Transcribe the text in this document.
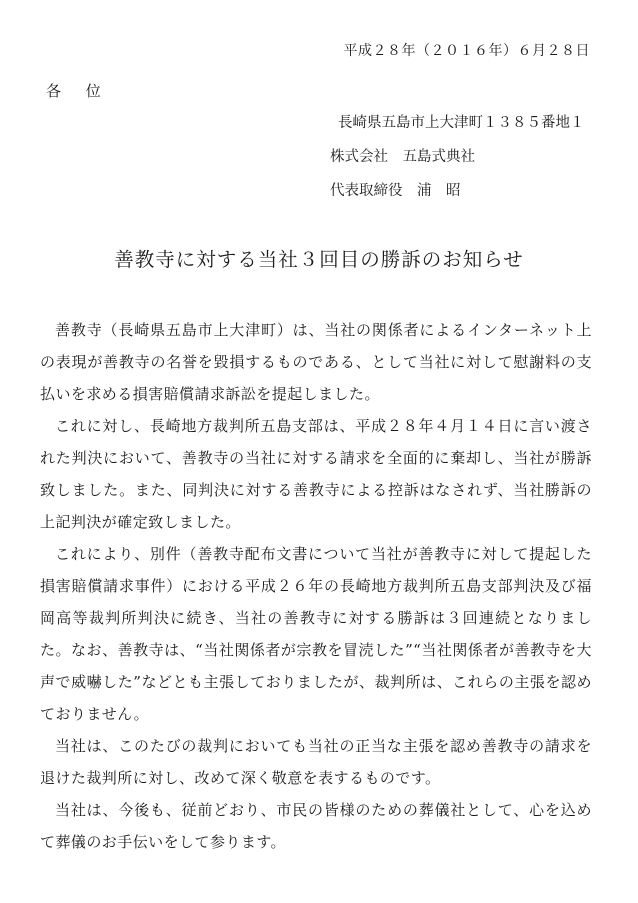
平成２８年（２０１６年）６月２８日
各 位
長崎県五島市上大津町１３８５番地１
株式会社　五島式典社
代表取締役　浦　昭
善教寺に対する当社３回目の勝訴のお知らせ

善教寺（長崎県五島市上大津町）は、当社の関係者によるインターネット上の表現が善教寺の名誉を毀損するものである、として当社に対して慰謝料の支払いを求める損害賠償請求訴訟を提起しました。

これに対し、長崎地方裁判所五島支部は、平成２８年４月１４日に言い渡された判決において、善教寺の当社に対する請求を全面的に棄却し、当社が勝訴致しました。また、同判決に対する善教寺による控訴はなされず、当社勝訴の上記判決が確定致しました。

これにより、別件（善教寺配布文書について当社が善教寺に対して提起した損害賠償請求事件）における平成２６年の長崎地方裁判所五島支部判決及び福岡高等裁判所判決に続き、当社の善教寺に対する勝訴は３回連続となりました。なお、善教寺は、“当社関係者が宗教を冒涜した”“当社関係者が善教寺を大声で威嚇した”などとも主張しておりましたが、裁判所は、これらの主張を認めておりません。

当社は、このたびの裁判においても当社の正当な主張を認め善教寺の請求を退けた裁判所に対し、改めて深く敬意を表するものです。

当社は、今後も、従前どおり、市民の皆様のための葬儀社として、心を込めて葬儀のお手伝いをして参ります。
